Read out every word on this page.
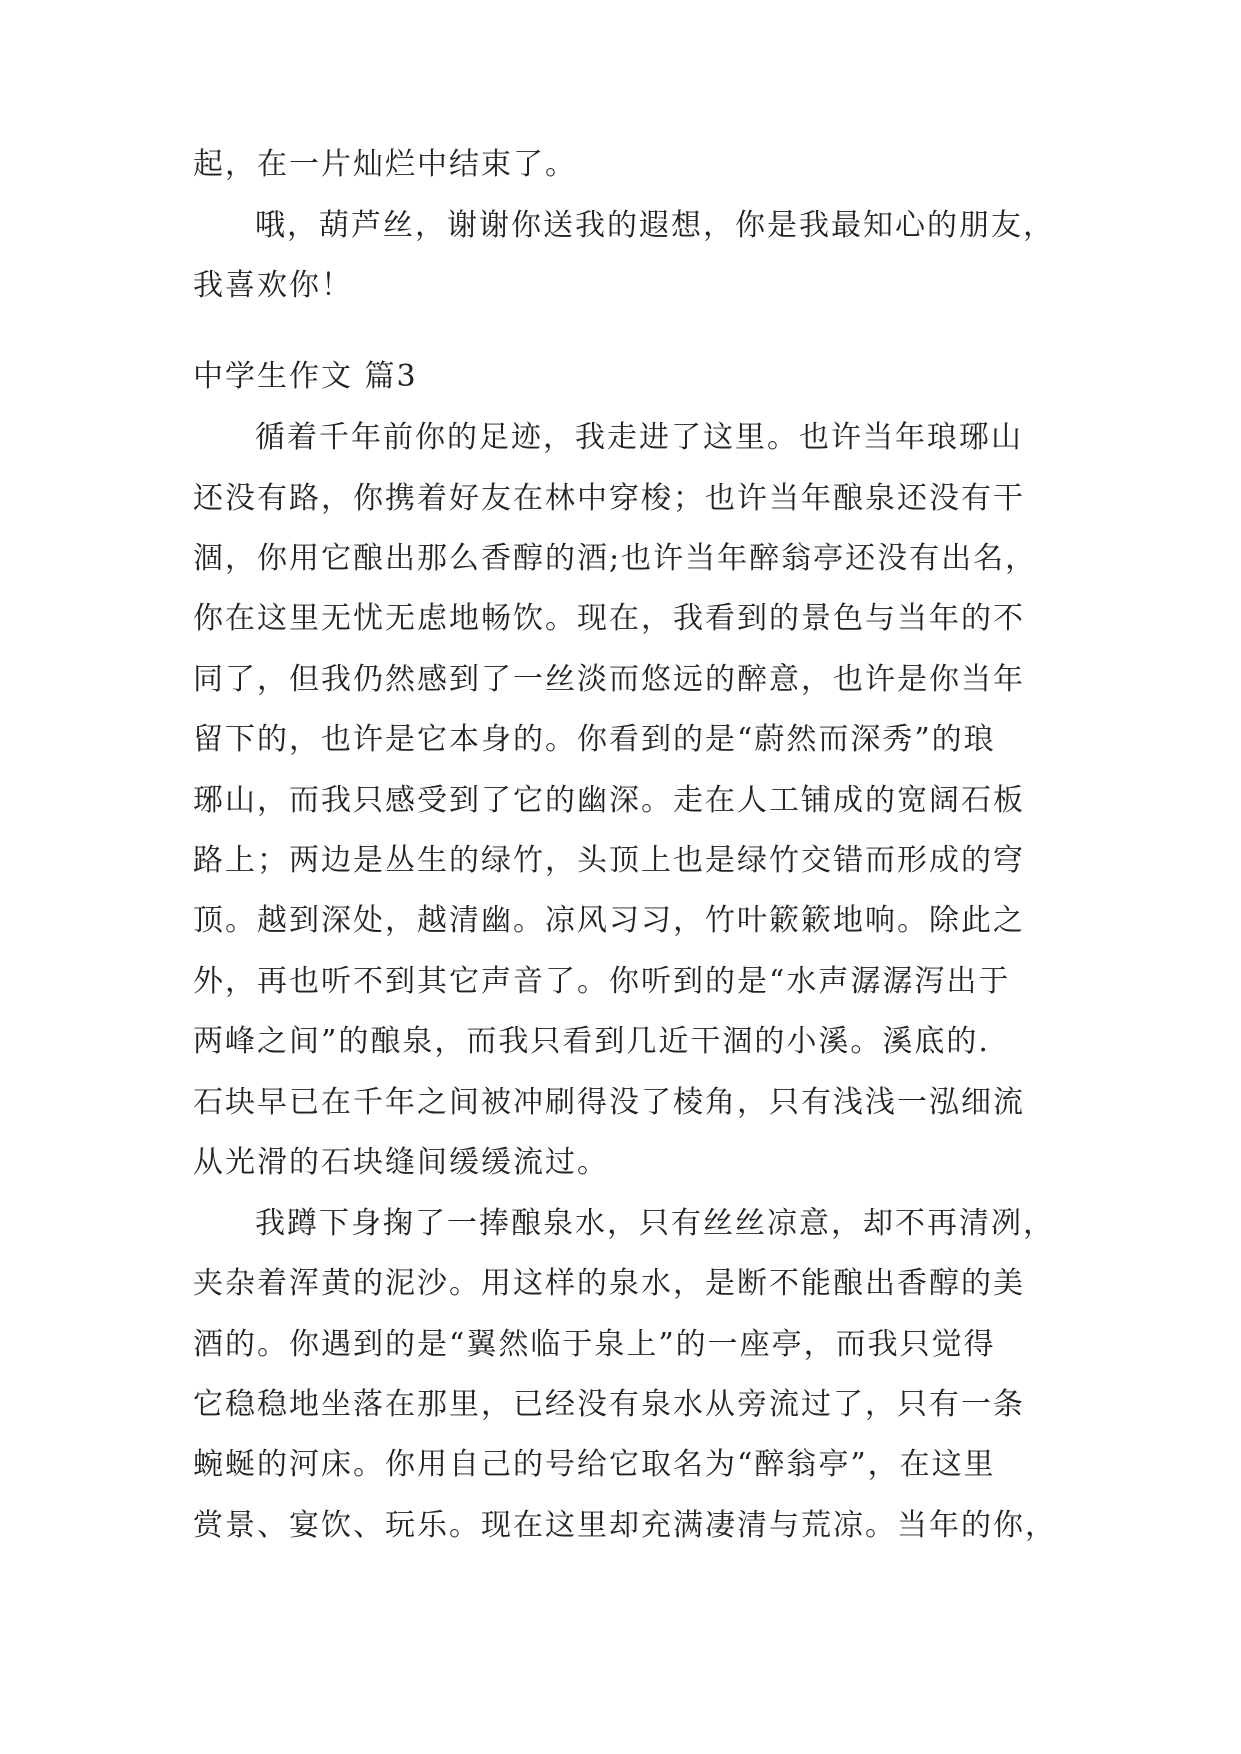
起，在一片灿烂中结束了。
哦，葫芦丝，谢谢你送我的遐想，你是我最知心的朋友，
我喜欢你！
中学生作文 篇3
循着千年前你的足迹，我走进了这里。也许当年琅琊山
还没有路，你携着好友在林中穿梭；也许当年酿泉还没有干
涸，你用它酿出那么香醇的酒;也许当年醉翁亭还没有出名，
你在这里无忧无虑地畅饮。现在，我看到的景色与当年的不
同了，但我仍然感到了一丝淡而悠远的醉意，也许是你当年
留下的，也许是它本身的。你看到的是“蔚然而深秀”的琅
琊山，而我只感受到了它的幽深。走在人工铺成的宽阔石板
路上；两边是丛生的绿竹，头顶上也是绿竹交错而形成的穹
顶。越到深处，越清幽。凉风习习，竹叶簌簌地响。除此之
外，再也听不到其它声音了。你听到的是“水声潺潺泻出于
两峰之间”的酿泉，而我只看到几近干涸的小溪。溪底的.
石块早已在千年之间被冲刷得没了棱角，只有浅浅一泓细流
从光滑的石块缝间缓缓流过。
我蹲下身掬了一捧酿泉水，只有丝丝凉意，却不再清冽，
夹杂着浑黄的泥沙。用这样的泉水，是断不能酿出香醇的美
酒的。你遇到的是“翼然临于泉上”的一座亭，而我只觉得
它稳稳地坐落在那里，已经没有泉水从旁流过了，只有一条
蜿蜒的河床。你用自己的号给它取名为“醉翁亭”，在这里
赏景、宴饮、玩乐。现在这里却充满凄清与荒凉。当年的你，
